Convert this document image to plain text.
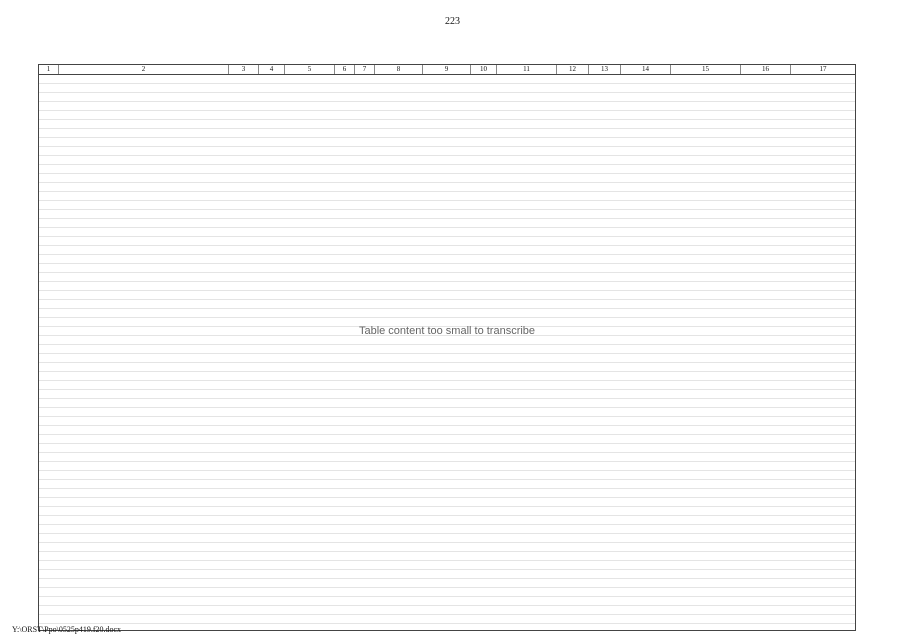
223
1	2	3	4	5	6	7	8	9	10	11	12	13	14	15	16	17
Table content too small to transcribe
Y:\ORST\Ppo\0525p419.f20.docx
